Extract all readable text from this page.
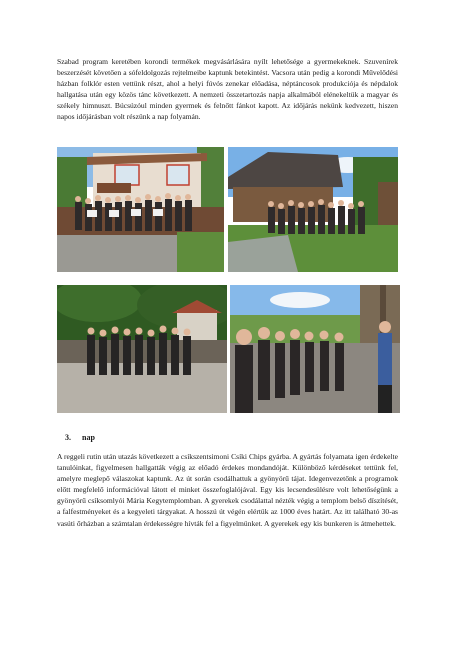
Szabad program keretében korondi termékek megvásárlására nyílt lehetősége a gyermekeknek. Szuvenírek beszerzését követően a sófeldolgozás rejtelmeibe kaptunk betekintést. Vacsora után pedig a korondi Művelődési házban folklór esten vettünk részt, ahol a helyi fúvós zenekar előadása, néptáncosok produkciója és népdalok hallgatása után egy közös tánc következett. A nemzeti összetartozás napja alkalmából elénekeltük a magyar és székely himnuszt. Búcsúzóul minden gyermek és felnőtt fánkot kapott. Az időjárás nekünk kedvezett, hiszen napos időjárásban volt részünk a nap folyamán.

3. nap

A reggeli rutin után utazás következett a csíkszentsimoni Csíki Chips gyárba. A gyártás folyamata igen érdekelte tanulóinkat, figyelmesen hallgatták végig az előadó érdekes mondandóját. Különböző kérdéseket tettünk fel, amelyre meglepő válaszokat kaptunk. Az út során csodálhattuk a gyönyörű tájat. Idegenvezetőnk a programok előtt megfelelő információval látott el minket összefoglalójával. Egy kis lecsendesülésre volt lehetőségünk a gyönyörű csíksomlyói Mária Kegytemplomban. A gyerekek csodálattal nézték végig a templom belső díszítését, a falfestményeket és a kegyeleti tárgyakat. A hosszú út végén elértük az 1000 éves határt. Az itt található 30-as vasúti őrházban a számtalan érdekességre hívták fel a figyelmünket. A gyerekek egy kis bunkeren is átmehettek.
